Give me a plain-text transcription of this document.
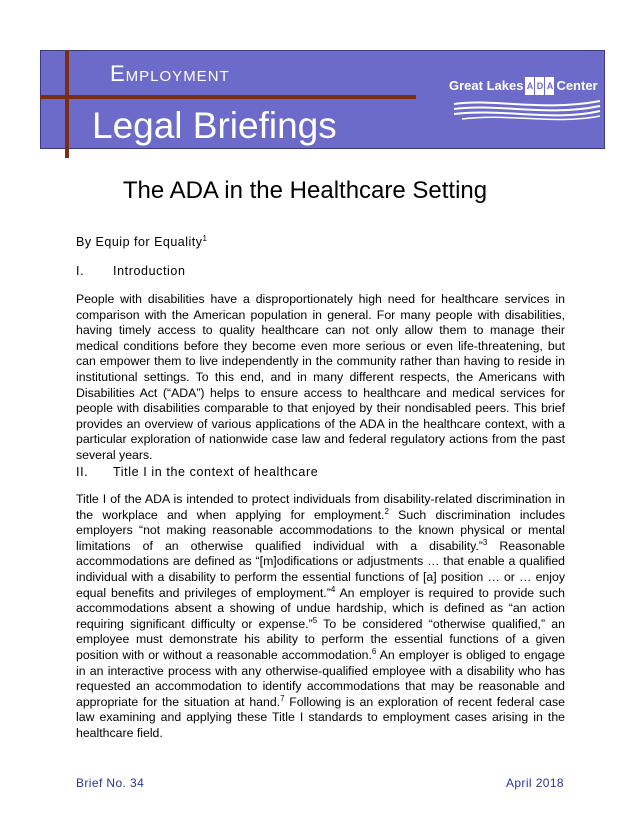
Employment
Legal Briefings
Great Lakes A D A Center
The ADA in the Healthcare Setting
By Equip for Equality$^1$
I. Introduction

People with disabilities have a disproportionately high need for healthcare services in comparison with the American population in general. For many people with disabilities, having timely access to quality healthcare can not only allow them to manage their medical conditions before they become even more serious or even life-threatening, but can empower them to live independently in the community rather than having to reside in institutional settings. To this end, and in many different respects, the Americans with Disabilities Act (“ADA”) helps to ensure access to healthcare and medical services for people with disabilities comparable to that enjoyed by their nondisabled peers. This brief provides an overview of various applications of the ADA in the healthcare context, with a particular exploration of nationwide case law and federal regulatory actions from the past several years.

II. Title I in the context of healthcare

Title I of the ADA is intended to protect individuals from disability-related discrimination in the workplace and when applying for employment.$^2$ Such discrimination includes employers “not making reasonable accommodations to the known physical or mental limitations of an otherwise qualified individual with a disability.”$^3$ Reasonable accommodations are defined as “[m]odifications or adjustments … that enable a qualified individual with a disability to perform the essential functions of [a] position … or … enjoy equal benefits and privileges of employment.”$^4$ An employer is required to provide such accommodations absent a showing of undue hardship, which is defined as “an action requiring significant difficulty or expense.”$^5$ To be considered “otherwise qualified,” an employee must demonstrate his ability to perform the essential functions of a given position with or without a reasonable accommodation.$^6$ An employer is obliged to engage in an interactive process with any otherwise-qualified employee with a disability who has requested an accommodation to identify accommodations that may be reasonable and appropriate for the situation at hand.$^7$ Following is an exploration of recent federal case law examining and applying these Title I standards to employment cases arising in the healthcare field.

Brief No. 34	April 2018
